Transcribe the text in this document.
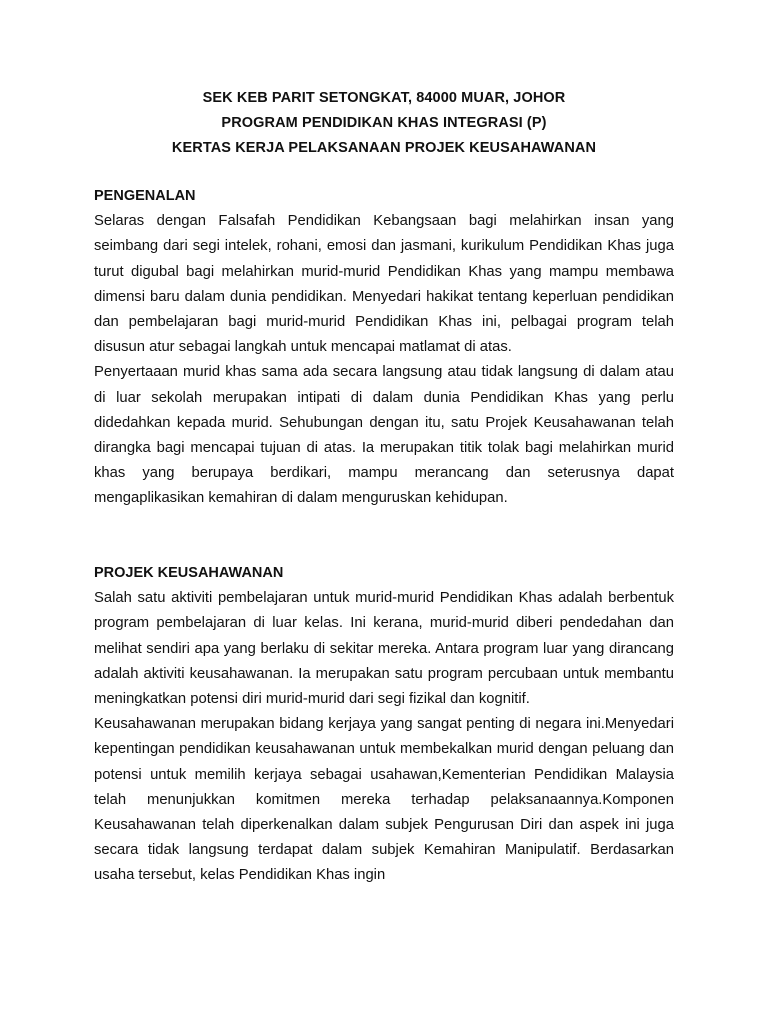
SEK KEB PARIT SETONGKAT, 84000 MUAR, JOHOR
PROGRAM PENDIDIKAN KHAS INTEGRASI (P)
KERTAS KERJA PELAKSANAAN PROJEK KEUSAHAWANAN
PENGENALAN

Selaras dengan Falsafah Pendidikan Kebangsaan bagi melahirkan insan yang seimbang dari segi intelek, rohani, emosi dan jasmani, kurikulum Pendidikan Khas juga turut digubal bagi melahirkan murid-murid Pendidikan Khas yang mampu membawa dimensi baru dalam dunia pendidikan. Menyedari hakikat tentang keperluan pendidikan dan pembelajaran bagi murid-murid Pendidikan Khas ini, pelbagai program telah disusun atur sebagai langkah untuk mencapai matlamat di atas.

Penyertaaan murid khas sama ada secara langsung atau tidak langsung di dalam atau di luar sekolah merupakan intipati di dalam dunia Pendidikan Khas yang perlu didedahkan kepada murid. Sehubungan dengan itu, satu Projek Keusahawanan telah dirangka bagi mencapai tujuan di atas. Ia merupakan titik tolak bagi melahirkan murid khas yang berupaya berdikari, mampu merancang dan seterusnya dapat mengaplikasikan kemahiran di dalam menguruskan kehidupan.

PROJEK KEUSAHAWANAN

Salah satu aktiviti pembelajaran untuk murid-murid Pendidikan Khas adalah berbentuk program pembelajaran di luar kelas. Ini kerana, murid-murid diberi pendedahan dan melihat sendiri apa yang berlaku di sekitar mereka. Antara program luar yang dirancang adalah aktiviti keusahawanan. Ia merupakan satu program percubaan untuk membantu meningkatkan potensi diri murid-murid dari segi fizikal dan kognitif.

Keusahawanan merupakan bidang kerjaya yang sangat penting di negara ini.Menyedari kepentingan pendidikan keusahawanan untuk membekalkan murid dengan peluang dan potensi untuk memilih kerjaya sebagai usahawan,Kementerian Pendidikan Malaysia telah menunjukkan komitmen mereka terhadap pelaksanaannya.Komponen Keusahawanan telah diperkenalkan dalam subjek Pengurusan Diri dan aspek ini juga secara tidak langsung terdapat dalam subjek Kemahiran Manipulatif. Berdasarkan usaha tersebut, kelas Pendidikan Khas ingin
